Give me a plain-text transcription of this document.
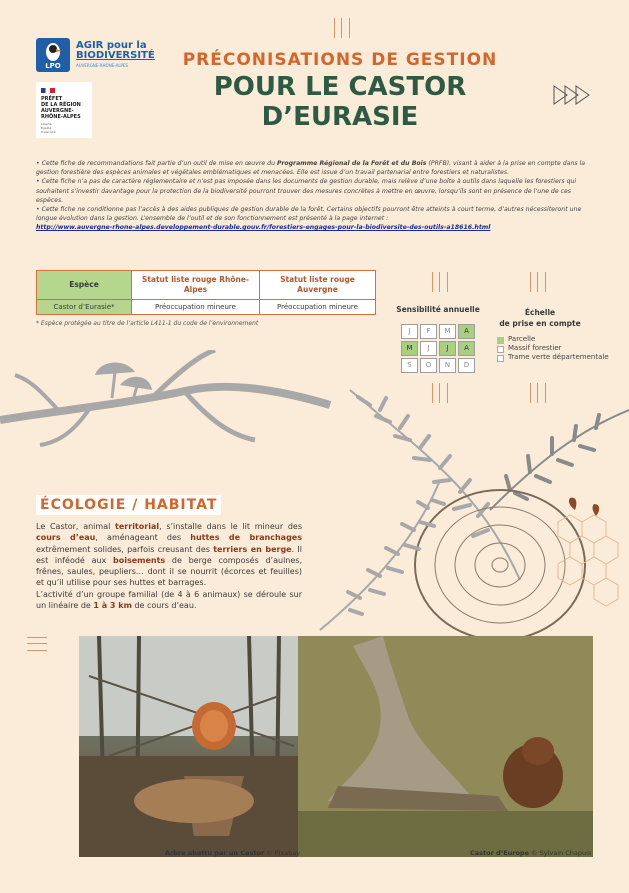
LPO
AGIR pour la
BIODIVERSITÉ
AUVERGNE-RHÔNE-ALPES
PRÉFET
DE LA RÉGION
AUVERGNE-
RHÔNE-ALPES
Liberté
Égalité
Fraternité
PRÉCONISATIONS DE GESTION
POUR LE CASTOR
D’EURASIE

• Cette fiche de recommandations fait partie d’un outil de mise en œuvre du Programme Régional de la Forêt et du Bois (PRFB), visant à aider à la prise en compte dans la gestion forestière des espèces animales et végétales emblématiques et menacées. Elle est issue d’un travail partenarial entre forestiers et naturalistes.

• Cette fiche n’a pas de caractère réglementaire et n’est pas imposée dans les documents de gestion durable, mais relève d’une boîte à outils dans laquelle les forestiers qui souhaitent s’investir davantage pour la protection de la biodiversité pourront trouver des mesures concrètes à mettre en œuvre, lorsqu’ils sont en présence de l’une de ces espèces.

• Cette fiche ne conditionne pas l’accès à des aides publiques de gestion durable de la forêt. Certains objectifs pourront être atteints à court terme, d’autres nécessiteront une longue évolution dans la gestion. L’ensemble de l’outil et de son fonctionnement est présenté à la page internet :

http://www.auvergne-rhone-alpes.developpement-durable.gouv.fr/forestiers-engages-pour-la-biodiversite-des-outils-a18616.html

Espèce	Statut liste rouge Rhône-Alpes	Statut liste rouge Auvergne
Castor d’Eurasie*	Préoccupation mineure	Préoccupation mineure
* Espèce protégée au titre de l’article L411-1 du code de l’environnement
Sensibilité annuelle
J	F	M	A
M	J	J	A
S	O	N	D
Échelle
de prise en compte
Parcelle
Massif forestier
Trame verte départementale
ÉCOLOGIE / HABITAT
Le Castor, animal territorial, s’installe dans le lit mineur des cours d’eau, aménageant des huttes de branchages extrêmement solides, parfois creusant des terriers en berge. Il est inféodé aux boisements de berge composés d’aulnes, frênes, saules, peupliers… dont il se nourrit (écorces et feuilles) et qu’il utilise pour ses huttes et barrages.
L’activité d’un groupe familial (de 4 à 6 animaux) se déroule sur un linéaire de 1 à 3 km de cours d’eau.
Arbre abattu par un Castor © Pixabay	Castor d’Europe © Sylvain Chapuis
